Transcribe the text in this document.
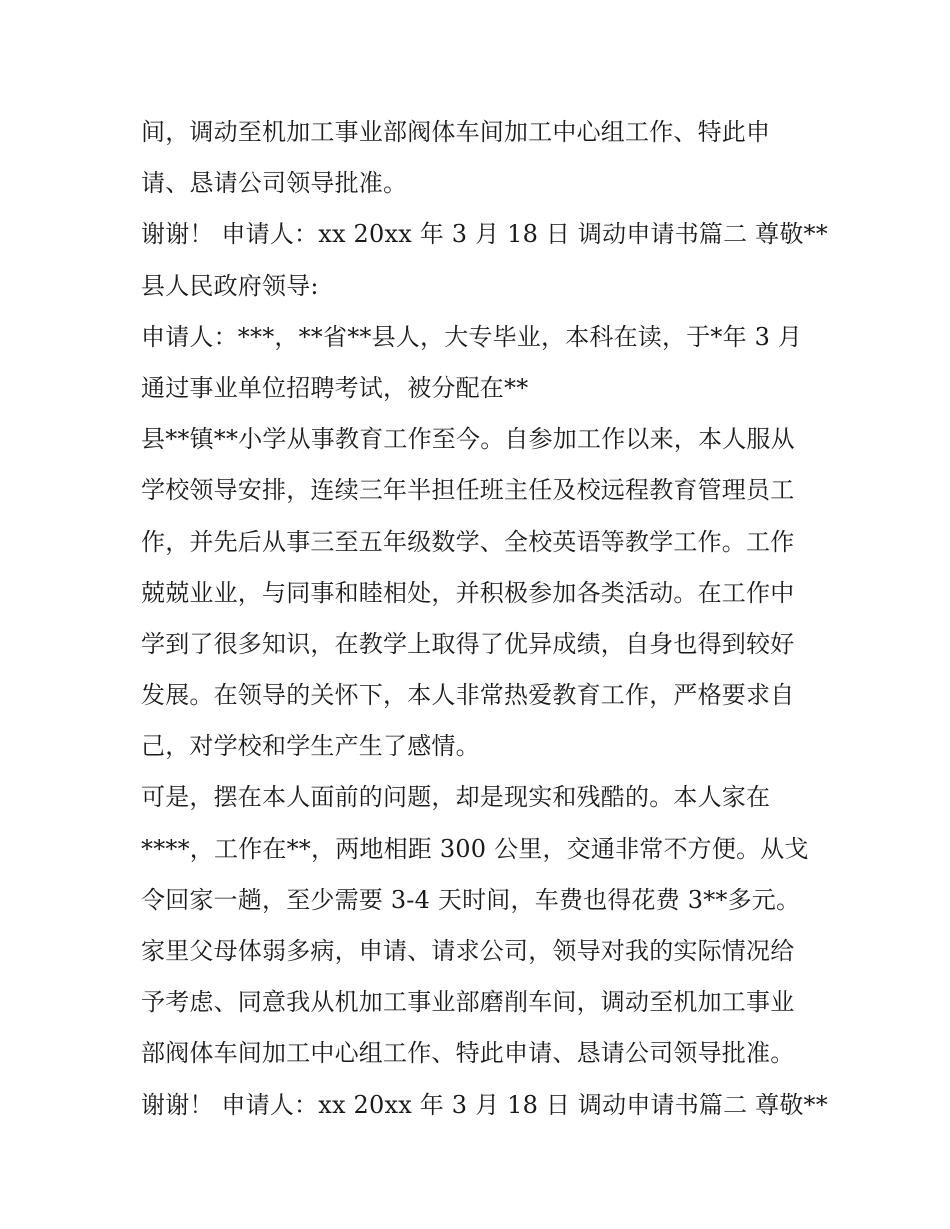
间，调动至机加工事业部阀体车间加工中心组工作、特此申
请、恳请公司领导批准。
谢谢！ 申请人：xx 20xx 年 3 月 18 日 调动申请书篇二 尊敬**
县人民政府领导:
申请人：***，**省**县人，大专毕业，本科在读，于*年 3 月
通过事业单位招聘考试，被分配在**
县**镇**小学从事教育工作至今。自参加工作以来，本人服从
学校领导安排，连续三年半担任班主任及校远程教育管理员工
作，并先后从事三至五年级数学、全校英语等教学工作。工作
兢兢业业，与同事和睦相处，并积极参加各类活动。在工作中
学到了很多知识，在教学上取得了优异成绩，自身也得到较好
发展。在领导的关怀下，本人非常热爱教育工作，严格要求自
己，对学校和学生产生了感情。
可是，摆在本人面前的问题，却是现实和残酷的。本人家在
****，工作在**，两地相距 300 公里，交通非常不方便。从戈
令回家一趟，至少需要 3-4 天时间，车费也得花费 3**多元。
家里父母体弱多病，申请、请求公司，领导对我的实际情况给
予考虑、同意我从机加工事业部磨削车间，调动至机加工事业
部阀体车间加工中心组工作、特此申请、恳请公司领导批准。
谢谢！ 申请人：xx 20xx 年 3 月 18 日 调动申请书篇二 尊敬**
